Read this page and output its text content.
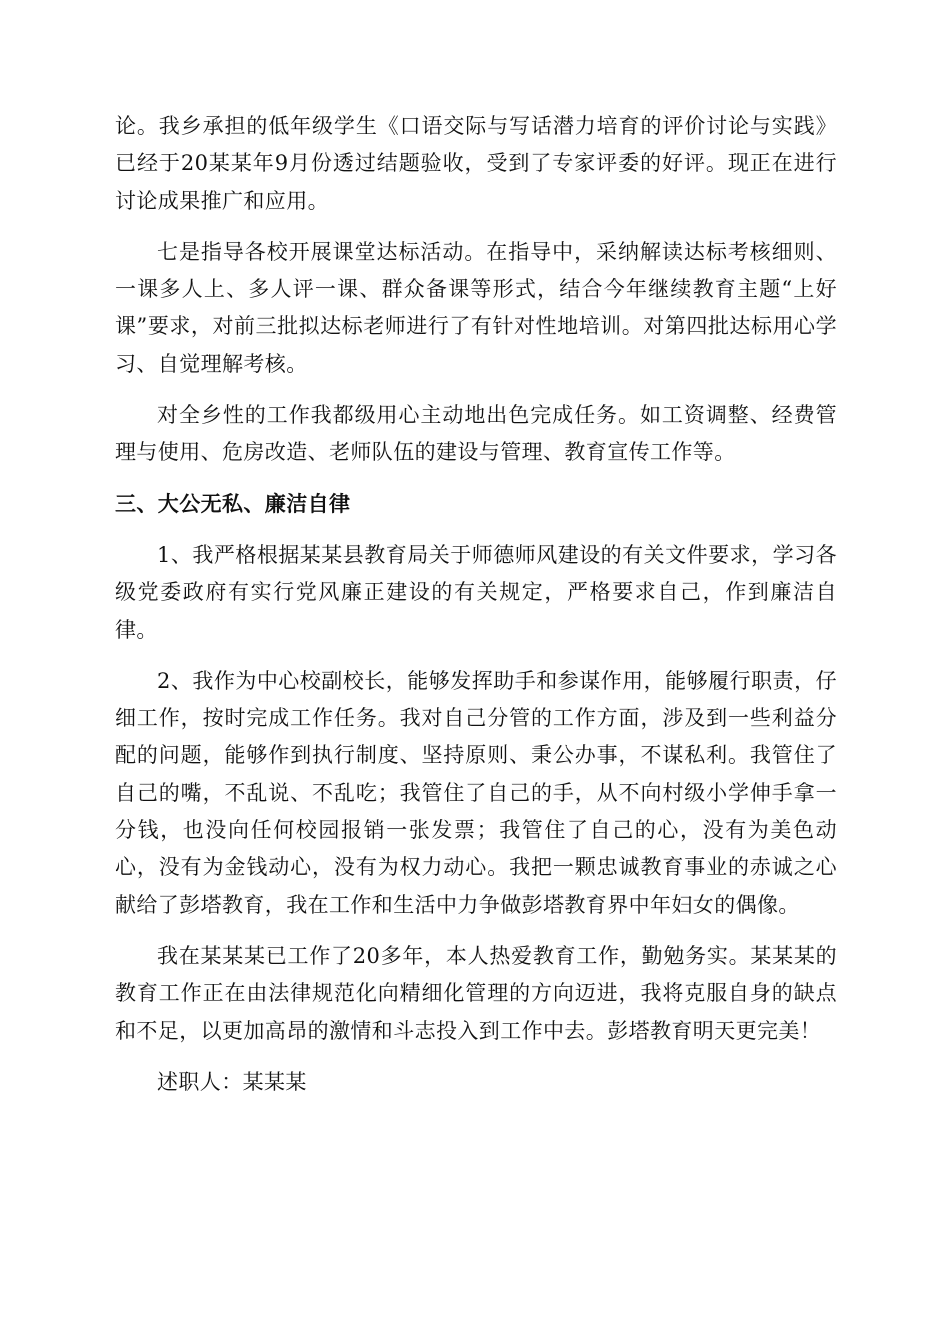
论。我乡承担的低年级学生《口语交际与写话潜力培育的评价讨论与实践》已经于20某某年9月份透过结题验收，受到了专家评委的好评。现正在进行讨论成果推广和应用。

七是指导各校开展课堂达标活动。在指导中，采纳解读达标考核细则、一课多人上、多人评一课、群众备课等形式，结合今年继续教育主题“上好课”要求，对前三批拟达标老师进行了有针对性地培训。对第四批达标用心学习、自觉理解考核。

对全乡性的工作我都级用心主动地出色完成任务。如工资调整、经费管理与使用、危房改造、老师队伍的建设与管理、教育宣传工作等。

三、大公无私、廉洁自律

1、我严格根据某某县教育局关于师德师风建设的有关文件要求，学习各级党委政府有实行党风廉正建设的有关规定，严格要求自己，作到廉洁自律。

2、我作为中心校副校长，能够发挥助手和参谋作用，能够履行职责，仔细工作，按时完成工作任务。我对自己分管的工作方面，涉及到一些利益分配的问题，能够作到执行制度、坚持原则、秉公办事，不谋私利。我管住了自己的嘴，不乱说、不乱吃；我管住了自己的手，从不向村级小学伸手拿一分钱，也没向任何校园报销一张发票；我管住了自己的心，没有为美色动心，没有为金钱动心，没有为权力动心。我把一颗忠诚教育事业的赤诚之心献给了彭塔教育，我在工作和生活中力争做彭塔教育界中年妇女的偶像。

我在某某某已工作了20多年，本人热爱教育工作，勤勉务实。某某某的教育工作正在由法律规范化向精细化管理的方向迈进，我将克服自身的缺点和不足，以更加高昂的激情和斗志投入到工作中去。彭塔教育明天更完美！

述职人：某某某
